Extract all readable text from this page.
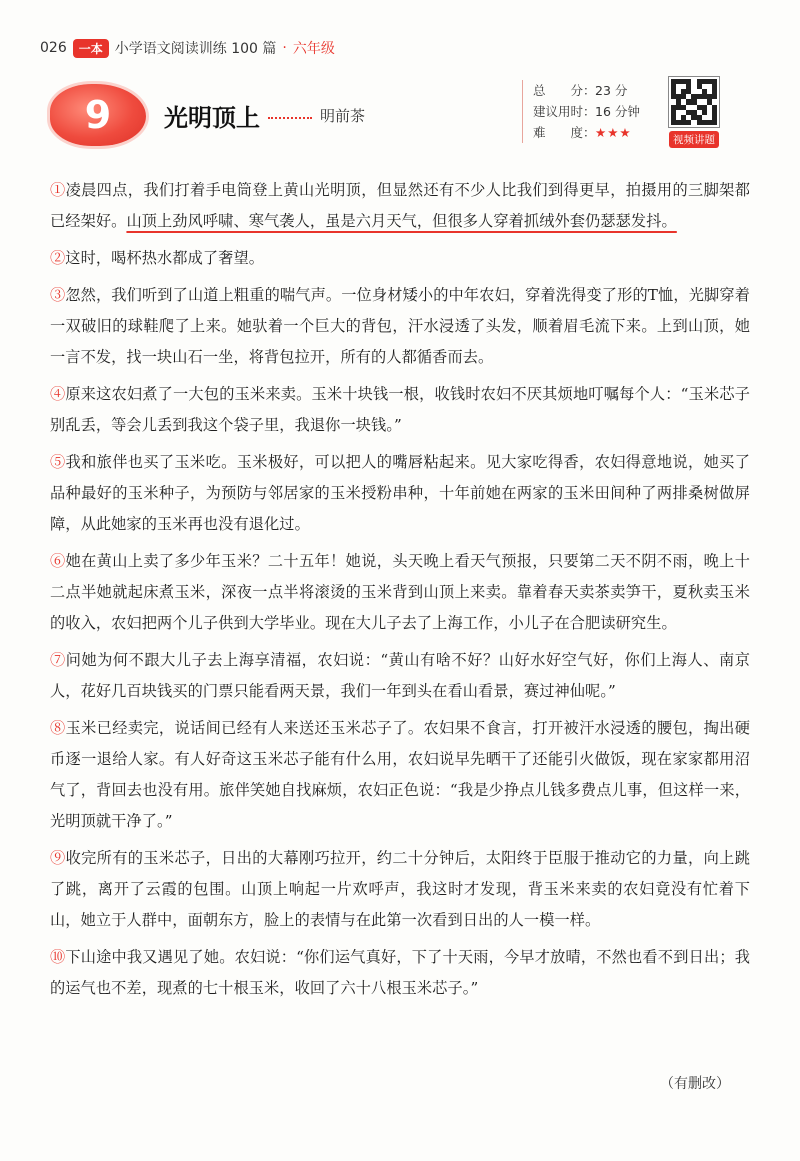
026	一本 小学语文阅读训练 100 篇 · 六年级
9	光明顶上	明前茶
总　　分： 23 分
建议用时： 16 分钟
难　　度： ★★★	视频讲题

①凌晨四点，我们打着手电筒登上黄山光明顶，但显然还有不少人比我们到得更早，拍摄用的三脚架都已经架好。山顶上劲风呼啸、寒气袭人，虽是六月天气，但很多人穿着抓绒外套仍瑟瑟发抖。

②这时，喝杯热水都成了奢望。

③忽然，我们听到了山道上粗重的喘气声。一位身材矮小的中年农妇，穿着洗得变了形的T恤，光脚穿着一双破旧的球鞋爬了上来。她驮着一个巨大的背包，汗水浸透了头发，顺着眉毛流下来。上到山顶，她一言不发，找一块山石一坐，将背包拉开，所有的人都循香而去。

④原来这农妇煮了一大包的玉米来卖。玉米十块钱一根，收钱时农妇不厌其烦地叮嘱每个人：“玉米芯子别乱丢，等会儿丢到我这个袋子里，我退你一块钱。”

⑤我和旅伴也买了玉米吃。玉米极好，可以把人的嘴唇粘起来。见大家吃得香，农妇得意地说，她买了品种最好的玉米种子，为预防与邻居家的玉米授粉串种，十年前她在两家的玉米田间种了两排桑树做屏障，从此她家的玉米再也没有退化过。

⑥她在黄山上卖了多少年玉米？二十五年！她说，头天晚上看天气预报，只要第二天不阴不雨，晚上十二点半她就起床煮玉米，深夜一点半将滚烫的玉米背到山顶上来卖。靠着春天卖茶卖笋干，夏秋卖玉米的收入，农妇把两个儿子供到大学毕业。现在大儿子去了上海工作，小儿子在合肥读研究生。

⑦问她为何不跟大儿子去上海享清福，农妇说：“黄山有啥不好？山好水好空气好，你们上海人、南京人，花好几百块钱买的门票只能看两天景，我们一年到头在看山看景，赛过神仙呢。”

⑧玉米已经卖完，说话间已经有人来送还玉米芯子了。农妇果不食言，打开被汗水浸透的腰包，掏出硬币逐一退给人家。有人好奇这玉米芯子能有什么用，农妇说早先晒干了还能引火做饭，现在家家都用沼气了，背回去也没有用。旅伴笑她自找麻烦，农妇正色说：“我是少挣点儿钱多费点儿事，但这样一来，光明顶就干净了。”

⑨收完所有的玉米芯子，日出的大幕刚巧拉开，约二十分钟后，太阳终于臣服于推动它的力量，向上跳了跳，离开了云霞的包围。山顶上响起一片欢呼声，我这时才发现，背玉米来卖的农妇竟没有忙着下山，她立于人群中，面朝东方，脸上的表情与在此第一次看到日出的人一模一样。

⑩下山途中我又遇见了她。农妇说：“你们运气真好，下了十天雨，今早才放晴，不然也看不到日出；我的运气也不差，现煮的七十根玉米，收回了六十八根玉米芯子。”

（有删改）
